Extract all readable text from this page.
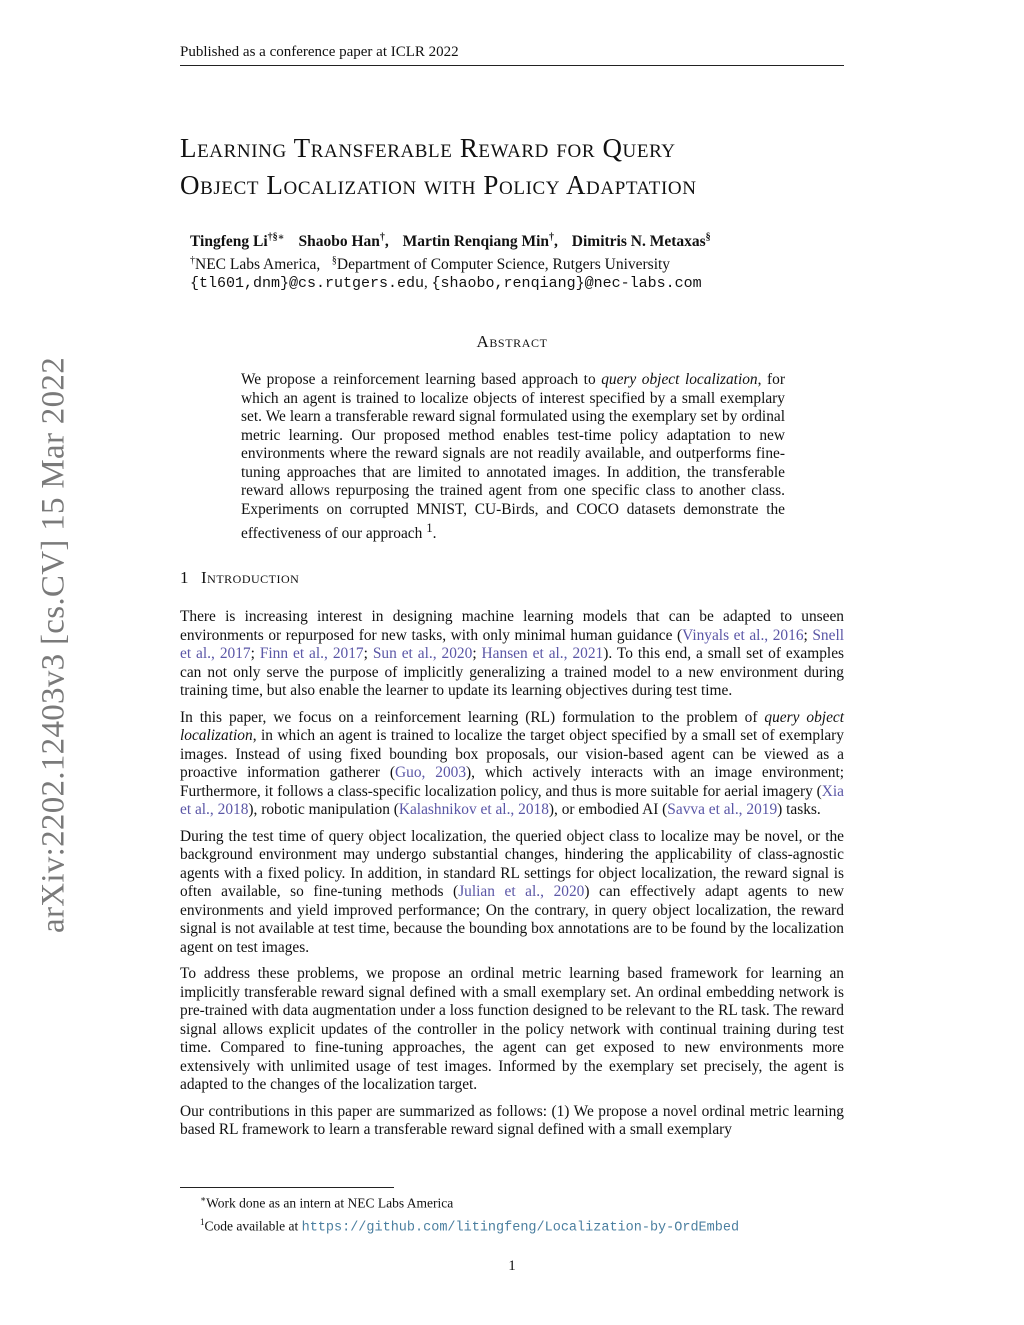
Published as a conference paper at ICLR 2022
arXiv:2202.12403v3 [cs.CV] 15 Mar 2022
Learning Transferable Reward for Query
Object Localization with Policy Adaptation
Tingfeng Li†§∗ Shaobo Han†, Martin Renqiang Min†, Dimitris N. Metaxas§
†NEC Labs America, §Department of Computer Science, Rutgers University
{tl601,dnm}@cs.rutgers.edu, {shaobo,renqiang}@nec-labs.com
Abstract

We propose a reinforcement learning based approach to query object localization, for which an agent is trained to localize objects of interest specified by a small exemplary set. We learn a transferable reward signal formulated using the exemplary set by ordinal metric learning. Our proposed method enables test-time policy adaptation to new environments where the reward signals are not readily available, and outperforms fine-tuning approaches that are limited to annotated images. In addition, the transferable reward allows repurposing the trained agent from one specific class to another class. Experiments on corrupted MNIST, CU-Birds, and COCO datasets demonstrate the effectiveness of our approach $^1$.

1 Introduction

There is increasing interest in designing machine learning models that can be adapted to unseen environments or repurposed for new tasks, with only minimal human guidance (Vinyals et al., 2016; Snell et al., 2017; Finn et al., 2017; Sun et al., 2020; Hansen et al., 2021). To this end, a small set of examples can not only serve the purpose of implicitly generalizing a trained model to a new environment during training time, but also enable the learner to update its learning objectives during test time.

In this paper, we focus on a reinforcement learning (RL) formulation to the problem of query object localization, in which an agent is trained to localize the target object specified by a small set of exemplary images. Instead of using fixed bounding box proposals, our vision-based agent can be viewed as a proactive information gatherer (Guo, 2003), which actively interacts with an image environment; Furthermore, it follows a class-specific localization policy, and thus is more suitable for aerial imagery (Xia et al., 2018), robotic manipulation (Kalashnikov et al., 2018), or embodied AI (Savva et al., 2019) tasks.

During the test time of query object localization, the queried object class to localize may be novel, or the background environment may undergo substantial changes, hindering the applicability of class-agnostic agents with a fixed policy. In addition, in standard RL settings for object localization, the reward signal is often available, so fine-tuning methods (Julian et al., 2020) can effectively adapt agents to new environments and yield improved performance; On the contrary, in query object localization, the reward signal is not available at test time, because the bounding box annotations are to be found by the localization agent on test images.

To address these problems, we propose an ordinal metric learning based framework for learning an implicitly transferable reward signal defined with a small exemplary set. An ordinal embedding network is pre-trained with data augmentation under a loss function designed to be relevant to the RL task. The reward signal allows explicit updates of the controller in the policy network with continual training during test time. Compared to fine-tuning approaches, the agent can get exposed to new environments more extensively with unlimited usage of test images. Informed by the exemplary set precisely, the agent is adapted to the changes of the localization target.

Our contributions in this paper are summarized as follows: (1) We propose a novel ordinal metric learning based RL framework to learn a transferable reward signal defined with a small exemplary

∗Work done as an intern at NEC Labs America
$^1$Code available at https://github.com/litingfeng/Localization-by-OrdEmbed
1
